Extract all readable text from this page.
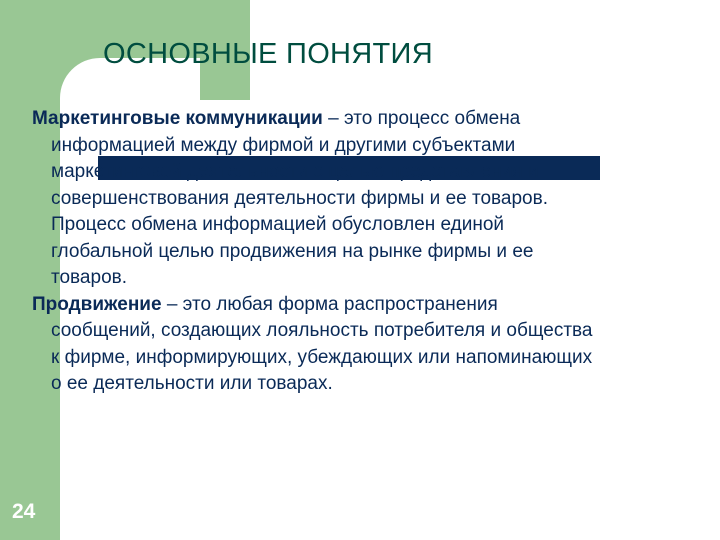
ОСНОВНЫЕ ПОНЯТИЯ

Маркетинговые коммуникации – это процесс обмена информацией между фирмой и другими субъектами маркетинговой деятельности с целью представления и совершенствования деятельности фирмы и ее товаров. Процесс обмена информацией обусловлен единой глобальной целью продвижения на рынке фирмы и ее товаров.

Продвижение – это любая форма распространения сообщений, создающих лояльность потребителя и общества к фирме, информирующих, убеждающих или напоминающих о ее деятельности или товарах.

24
